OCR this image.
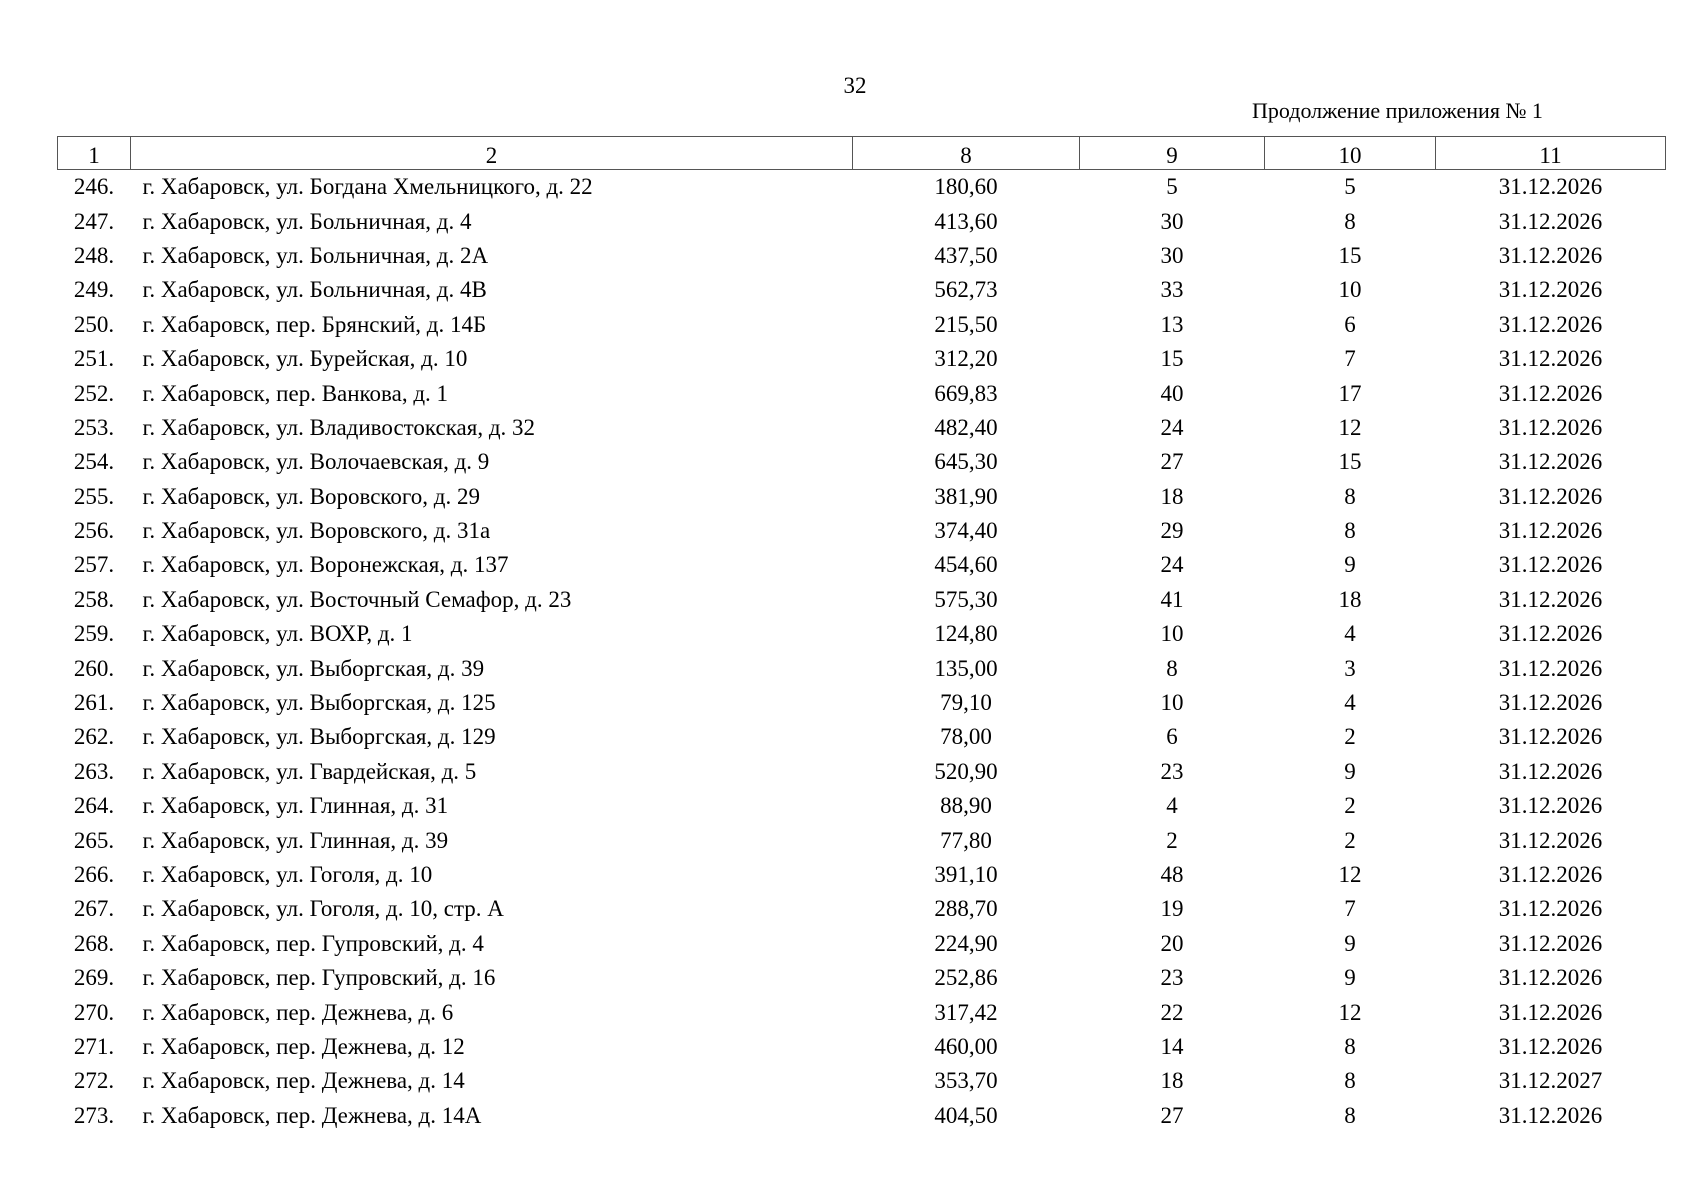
32
Продолжение приложения № 1
1	2	8	9	10	11
246.	г. Хабаровск, ул. Богдана Хмельницкого, д. 22	180,60	5	5	31.12.2026
247.	г. Хабаровск, ул. Больничная, д. 4	413,60	30	8	31.12.2026
248.	г. Хабаровск, ул. Больничная, д. 2А	437,50	30	15	31.12.2026
249.	г. Хабаровск, ул. Больничная, д. 4В	562,73	33	10	31.12.2026
250.	г. Хабаровск, пер. Брянский, д. 14Б	215,50	13	6	31.12.2026
251.	г. Хабаровск, ул. Бурейская, д. 10	312,20	15	7	31.12.2026
252.	г. Хабаровск, пер. Ванкова, д. 1	669,83	40	17	31.12.2026
253.	г. Хабаровск, ул. Владивостокская, д. 32	482,40	24	12	31.12.2026
254.	г. Хабаровск, ул. Волочаевская, д. 9	645,30	27	15	31.12.2026
255.	г. Хабаровск, ул. Воровского, д. 29	381,90	18	8	31.12.2026
256.	г. Хабаровск, ул. Воровского, д. 31а	374,40	29	8	31.12.2026
257.	г. Хабаровск, ул. Воронежская, д. 137	454,60	24	9	31.12.2026
258.	г. Хабаровск, ул. Восточный Семафор, д. 23	575,30	41	18	31.12.2026
259.	г. Хабаровск, ул. ВОХР, д. 1	124,80	10	4	31.12.2026
260.	г. Хабаровск, ул. Выборгская, д. 39	135,00	8	3	31.12.2026
261.	г. Хабаровск, ул. Выборгская, д. 125	79,10	10	4	31.12.2026
262.	г. Хабаровск, ул. Выборгская, д. 129	78,00	6	2	31.12.2026
263.	г. Хабаровск, ул. Гвардейская, д. 5	520,90	23	9	31.12.2026
264.	г. Хабаровск, ул. Глинная, д. 31	88,90	4	2	31.12.2026
265.	г. Хабаровск, ул. Глинная, д. 39	77,80	2	2	31.12.2026
266.	г. Хабаровск, ул. Гоголя, д. 10	391,10	48	12	31.12.2026
267.	г. Хабаровск, ул. Гоголя, д. 10, стр. А	288,70	19	7	31.12.2026
268.	г. Хабаровск, пер. Гупровский, д. 4	224,90	20	9	31.12.2026
269.	г. Хабаровск, пер. Гупровский, д. 16	252,86	23	9	31.12.2026
270.	г. Хабаровск, пер. Дежнева, д. 6	317,42	22	12	31.12.2026
271.	г. Хабаровск, пер. Дежнева, д. 12	460,00	14	8	31.12.2026
272.	г. Хабаровск, пер. Дежнева, д. 14	353,70	18	8	31.12.2027
273.	г. Хабаровск, пер. Дежнева, д. 14А	404,50	27	8	31.12.2026
